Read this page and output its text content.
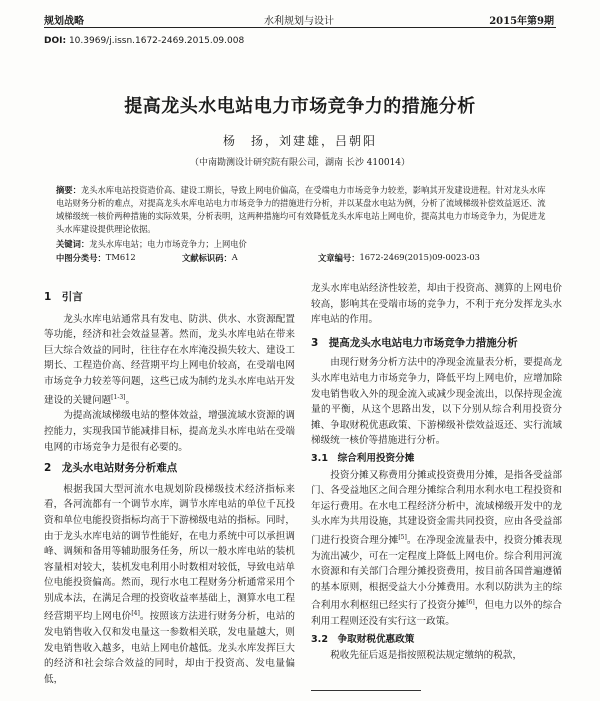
规划战略	水利规划与设计	2015年第9期
DOI: 10.3969/j.issn.1672-2469.2015.09.008
提高龙头水电站电力市场竞争力的措施分析
杨　扬，刘建雄，吕朝阳
（中南勘测设计研究院有限公司，湖南 长沙 410014）
摘要：龙头水库电站投资造价高、建设工期长，导致上网电价偏高，在受端电力市场竞争力较差，影响其开发建设进程。针对龙头水库电站财务分析的难点，对提高龙头水库电站电力市场竞争力的措施进行分析，并以某盘水电站为例，分析了流域梯级补偿效益返还、流域梯级统一核价两种措施的实际效果，分析表明，这两种措施均可有效降低龙头水库电站上网电价，提高其电力市场竞争力，为促进龙头水库建设提供理论依据。
关键词：龙头水库电站；电力市场竞争力；上网电价
中图分类号： TM612	文献标识码： A	文章编号： 1672-2469(2015)09-0023-03

1　引言

龙头水库电站通常具有发电、防洪、供水、水资源配置等功能，经济和社会效益显著。然而，龙头水库电站在带来巨大综合效益的同时，往往存在水库淹没损失较大、建设工期长、工程造价高、经营期平均上网电价较高，在受端电网市场竞争力较差等问题，这些已成为制约龙头水库电站开发建设的关键问题[1-3]。

为提高流域梯级电站的整体效益，增强流域水资源的调控能力，实现我国节能减排目标，提高龙头水库电站在受端电网的市场竞争力是很有必要的。

2　龙头水电站财务分析难点

根据我国大型河流水电规划阶段梯级技术经济指标来看，各河流都有一个调节水库，调节水库电站的单位千瓦投资和单位电能投资指标均高于下游梯级电站的指标。同时，由于龙头水库电站的调节性能好，在电力系统中可以承担调峰、调频和备用等辅助服务任务，所以一般水库电站的装机容量相对较大，装机发电利用小时数相对较低，导致电站单位电能投资偏高。然而，现行水电工程财务分析通常采用个别成本法，在满足合理的投资收益率基础上，测算水电工程经营期平均上网电价[4]。按照该方法进行财务分析，电站的发电销售收入仅和发电量这一参数相关联，发电量越大，则发电销售收入越多，电站上网电价越低。龙头水库发挥巨大的经济和社会综合效益的同时，却由于投资高、发电量偏低，

龙头水库电站经济性较差，却由于投资高、测算的上网电价较高，影响其在受端市场的竞争力，不利于充分发挥龙头水库电站的作用。

3　提高龙头水电站电力市场竞争力措施分析

由现行财务分析方法中的净现金流量表分析，要提高龙头水库电站电力市场竞争力，降低平均上网电价，应增加除发电销售收入外的现金流入或减少现金流出，以保持现金流量的平衡，从这个思路出发，以下分别从综合利用投资分摊、争取财税优惠政策、下游梯级补偿效益返还、实行流域梯级统一核价等措施进行分析。

3.1　综合利用投资分摊

投资分摊又称费用分摊或投资费用分摊，是指各受益部门、各受益地区之间合理分摊综合利用水利水电工程投资和年运行费用。在水电工程经济分析中，流域梯级开发中的龙头水库为共用设施，其建设资金需共同投资，应由各受益部门进行投资合理分摊[5]。在净现金流量表中，投资分摊表现为流出减少，可在一定程度上降低上网电价。综合利用河流水资源和有关部门合理分摊投资费用，按目前各国普遍遵循的基本原则，根据受益大小分摊费用。水利以防洪为主的综合利用水利枢纽已经实行了投资分摊[6]，但电力以外的综合利用工程则还没有实行这一政策。

3.2　争取财税优惠政策

税收先征后返是指按照税法规定缴纳的税款，
